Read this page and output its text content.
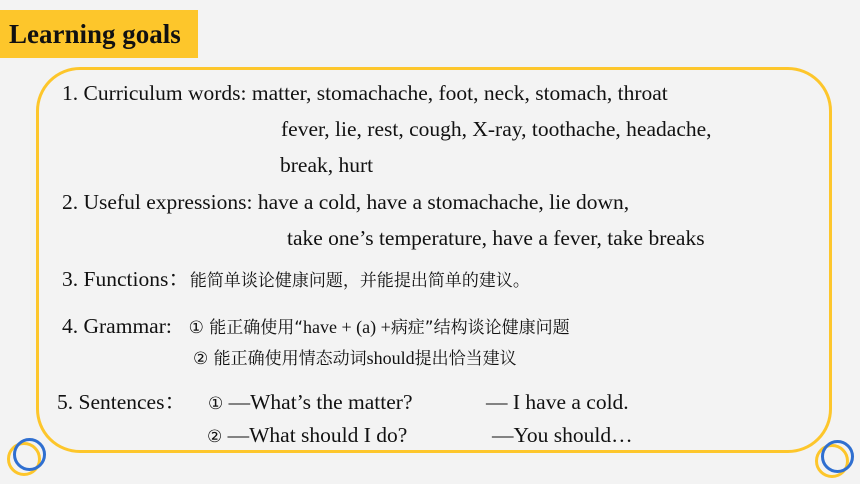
Learning goals
1. Curriculum words: matter, stomachache, foot, neck, stomach, throat
fever, lie, rest, cough, X-ray, toothache, headache,
break, hurt
2. Useful expressions: have a cold, have a stomachache, lie down,
take one’s temperature, have a fever, take breaks
3. Functions：能简单谈论健康问题，并能提出简单的建议。
4. Grammar: ① 能正确使用“have + (a) +病症”结构谈论健康问题
② 能正确使用情态动词should提出恰当建议
5. Sentences： ① —What’s the matter?	— I have a cold.
② —What should I do?	—You should…
